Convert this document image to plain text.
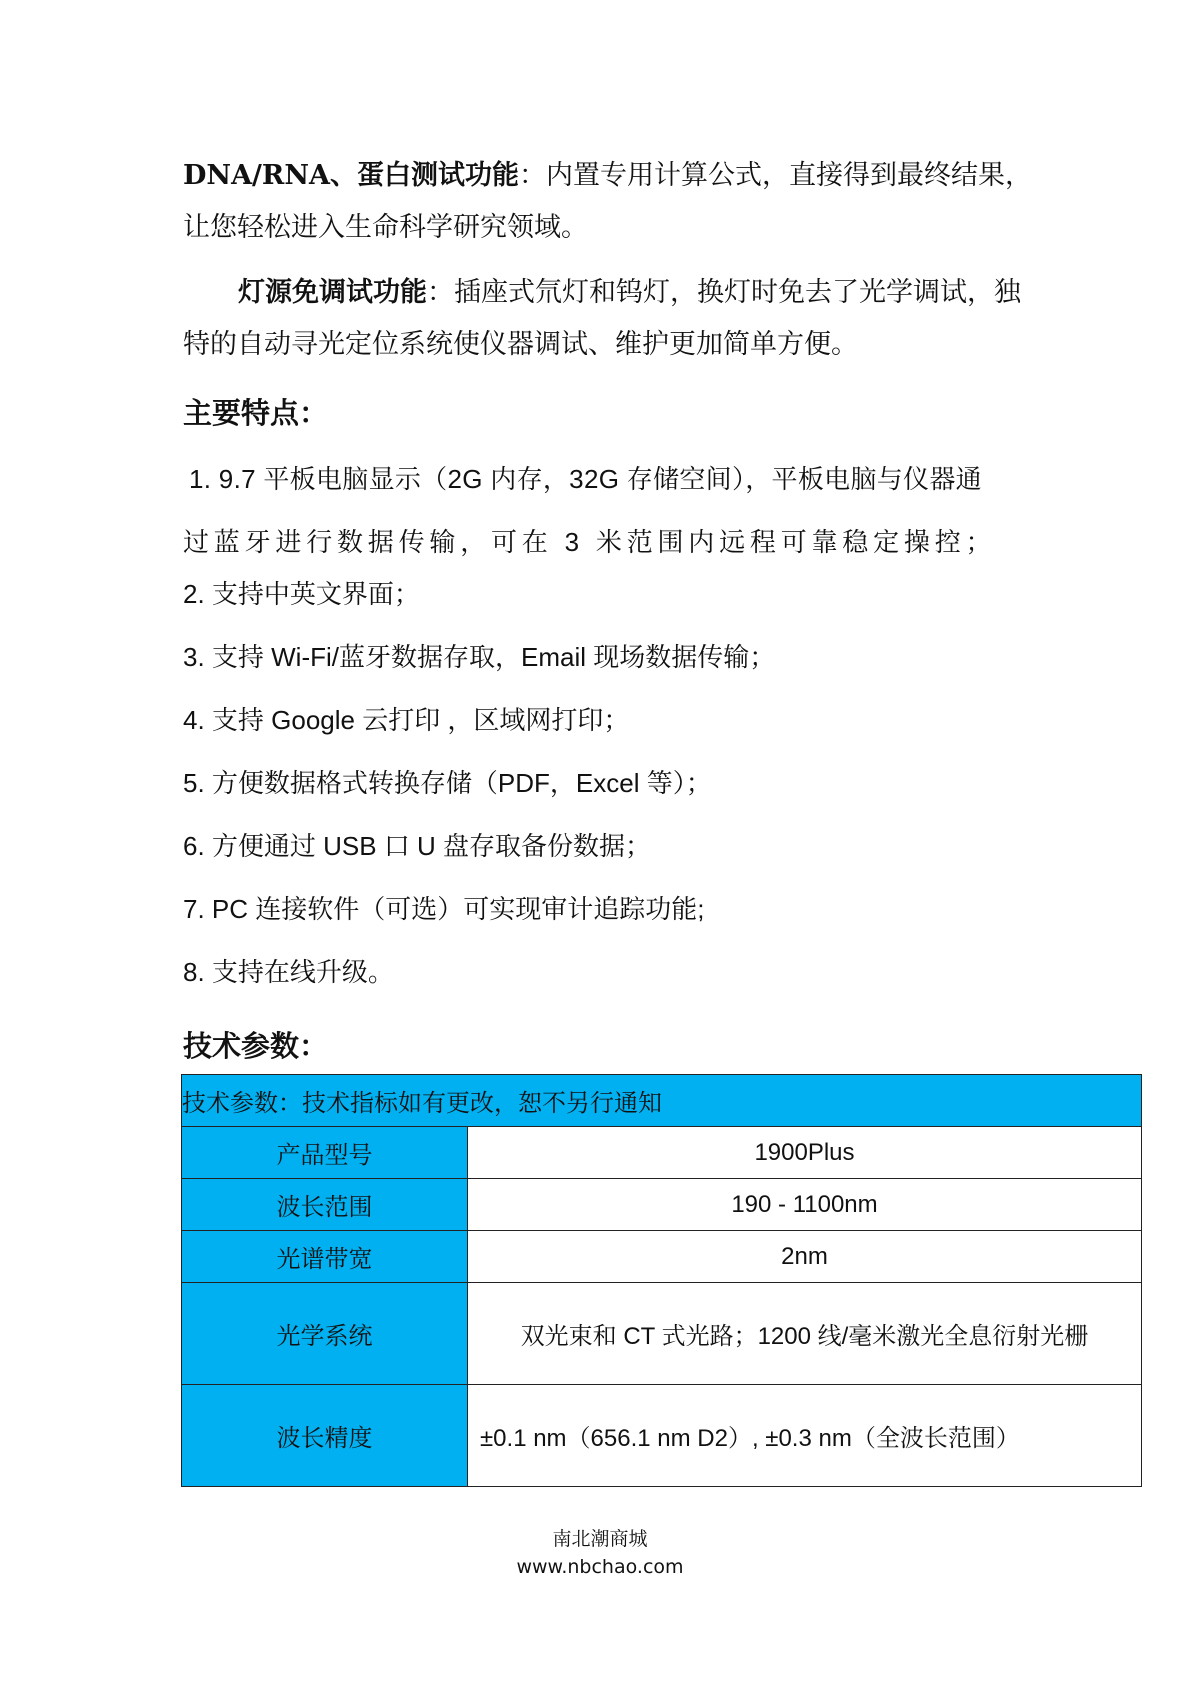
DNA/RNA、蛋白测试功能：内置专用计算公式，直接得到最终结果，让您轻松进入生命科学研究领域。

灯源免调试功能：插座式氘灯和钨灯，换灯时免去了光学调试，独特的自动寻光定位系统使仪器调试、维护更加简单方便。

主要特点：
1. 9.7 平板电脑显示（2G 内存，32G 存储空间），平板电脑与仪器通
过蓝牙进行数据传输，可在 3 米范围内远程可靠稳定操控；
2. 支持中英文界面；
3. 支持 Wi-Fi/蓝牙数据存取，Email 现场数据传输；
4. 支持 Google 云打印 ，区域网打印；
5. 方便数据格式转换存储（PDF，Excel 等）；
6. 方便通过 USB 口 U 盘存取备份数据；
7. PC 连接软件（可选）可实现审计追踪功能;
8. 支持在线升级。
技术参数：
技术参数：技术指标如有更改，恕不另行通知	
产品型号	1900Plus
波长范围	190 - 1100nm
光谱带宽	2nm
光学系统	双光束和 CT 式光路；1200 线/毫米激光全息衍射光栅
波长精度	±0.1 nm（656.1 nm D2）, ±0.3 nm（全波长范围）
南北潮商城
www.nbchao.com
